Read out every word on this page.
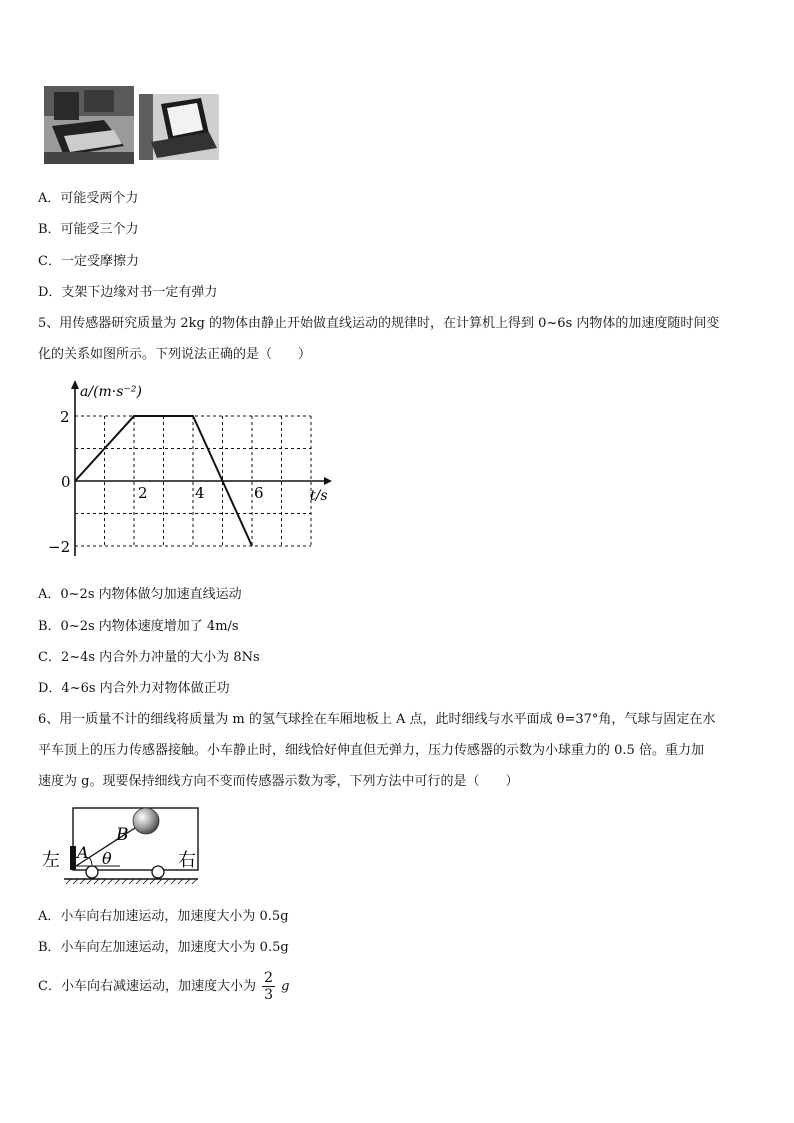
A．可能受两个力
B．可能受三个力
C．一定受摩擦力
D．支架下边缘对书一定有弹力
5、用传感器研究质量为 2kg 的物体由静止开始做直线运动的规律时，在计算机上得到 0~6s 内物体的加速度随时间变
化的关系如图所示。下列说法正确的是（　　）
a/(m·s⁻²)
t/s
2
0
−2
2	4	6
A．0~2s 内物体做匀加速直线运动
B．0~2s 内物体速度增加了 4m/s
C．2~4s 内合外力冲量的大小为 8Ns
D．4~6s 内合外力对物体做正功
6、用一质量不计的细线将质量为 m 的氢气球拴在车厢地板上 A 点，此时细线与水平面成 θ=37°角，气球与固定在水
平车顶上的压力传感器接触。小车静止时，细线恰好伸直但无弹力，压力传感器的示数为小球重力的 0.5 倍。重力加
速度为 g。现要保持细线方向不变而传感器示数为零，下列方法中可行的是（　　）
左	右
A
B
θ
A．小车向右加速运动，加速度大小为 0.5g
B．小车向左加速运动，加速度大小为 0.5g
C．小车向右减速运动，加速度大小为 $\frac{2}{3}$ g
